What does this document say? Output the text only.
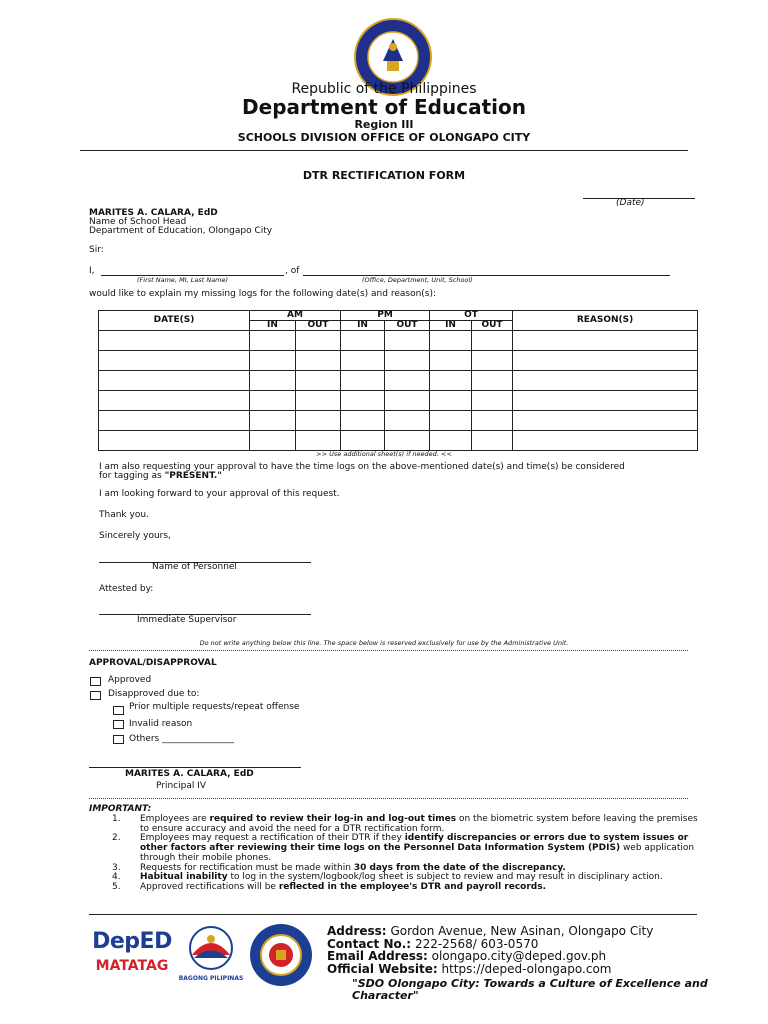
Republic of the Philippines
Department of Education
Region III
SCHOOLS DIVISION OFFICE OF OLONGAPO CITY
DTR RECTIFICATION FORM
(Date)
MARITES A. CALARA, EdD
Name of School Head
Department of Education, Olongapo City
Sir:
I,	, of
(First Name, MI, Last Name)	(Office, Department, Unit, School)
would like to explain my missing logs for the following date(s) and reason(s):
DATE(S)	AM		PM		OT		REASON(S)
	IN	OUT	IN	OUT	IN	OUT	

>> Use additional sheet(s) if needed. <<
I am also requesting your approval to have the time logs on the above-mentioned date(s) and time(s) be considered
for tagging as "PRESENT."
I am looking forward to your approval of this request.
Thank you.
Sincerely yours,
Name of Personnel
Attested by:
Immediate Supervisor
Do not write anything below this line. The space below is reserved exclusively for use by the Administrative Unit.
APPROVAL/DISAPPROVAL
Approved
Disapproved due to:
Prior multiple requests/repeat offense
Invalid reason
Others ________________
MARITES A. CALARA, EdD
Principal IV
IMPORTANT:
1. Employees are required to review their log-in and log-out times on the biometric system before leaving the premises to ensure accuracy and avoid the need for a DTR rectification form.
2. Employees may request a rectification of their DTR if they identify discrepancies or errors due to system issues or other factors after reviewing their time logs on the Personnel Data Information System (PDIS) web application through their mobile phones.
3. Requests for rectification must be made within 30 days from the date of the discrepancy.
4. Habitual inability to log in the system/logbook/log sheet is subject to review and may result in disciplinary action.
5. Approved rectifications will be reflected in the employee's DTR and payroll records.
DepED
MATATAG
BAGONG PILIPINAS
Address: Gordon Avenue, New Asinan, Olongapo City
Contact No.: 222-2568/ 603-0570
Email Address: olongapo.city@deped.gov.ph
Official Website: https://deped-olongapo.com
"SDO Olongapo City: Towards a Culture of Excellence and Character"
